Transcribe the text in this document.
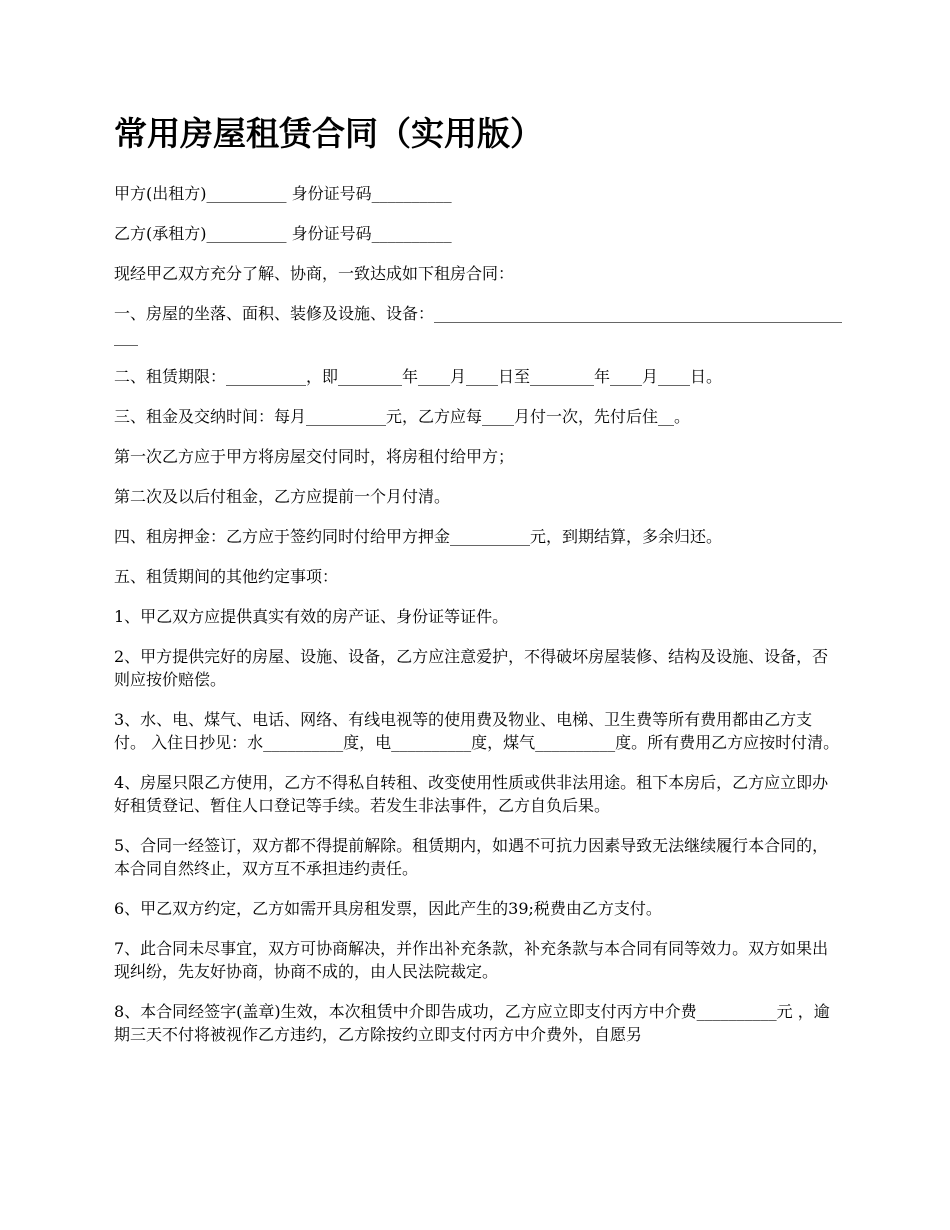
常用房屋租赁合同（实用版）

甲方(出租方)__________ 身份证号码__________

乙方(承租方)__________ 身份证号码__________

现经甲乙双方充分了解、协商，一致达成如下租房合同：

一、房屋的坐落、面积、装修及设施、设备：______________________________________________________

二、租赁期限：__________，即________年____月____日至________年____月____日。

三、租金及交纳时间：每月__________元，乙方应每____月付一次，先付后住__。

第一次乙方应于甲方将房屋交付同时，将房租付给甲方；

第二次及以后付租金，乙方应提前一个月付清。

四、租房押金：乙方应于签约同时付给甲方押金__________元，到期结算，多余归还。

五、租赁期间的其他约定事项：

1、甲乙双方应提供真实有效的房产证、身份证等证件。

2、甲方提供完好的房屋、设施、设备，乙方应注意爱护，不得破坏房屋装修、结构及设施、设备，否则应按价赔偿。

3、水、电、煤气、电话、网络、有线电视等的使用费及物业、电梯、卫生费等所有费用都由乙方支付。 入住日抄见：水__________度，电__________度，煤气__________度。所有费用乙方应按时付清。

4、房屋只限乙方使用，乙方不得私自转租、改变使用性质或供非法用途。租下本房后，乙方应立即办好租赁登记、暂住人口登记等手续。若发生非法事件，乙方自负后果。

5、合同一经签订，双方都不得提前解除。租赁期内，如遇不可抗力因素导致无法继续履行本合同的，本合同自然终止，双方互不承担违约责任。

6、甲乙双方约定，乙方如需开具房租发票，因此产生的39;税费由乙方支付。

7、此合同未尽事宜，双方可协商解决，并作出补充条款，补充条款与本合同有同等效力。双方如果出现纠纷，先友好协商，协商不成的，由人民法院裁定。

8、本合同经签字(盖章)生效，本次租赁中介即告成功，乙方应立即支付丙方中介费__________元 ，逾期三天不付将被视作乙方违约，乙方除按约立即支付丙方中介费外，自愿另
